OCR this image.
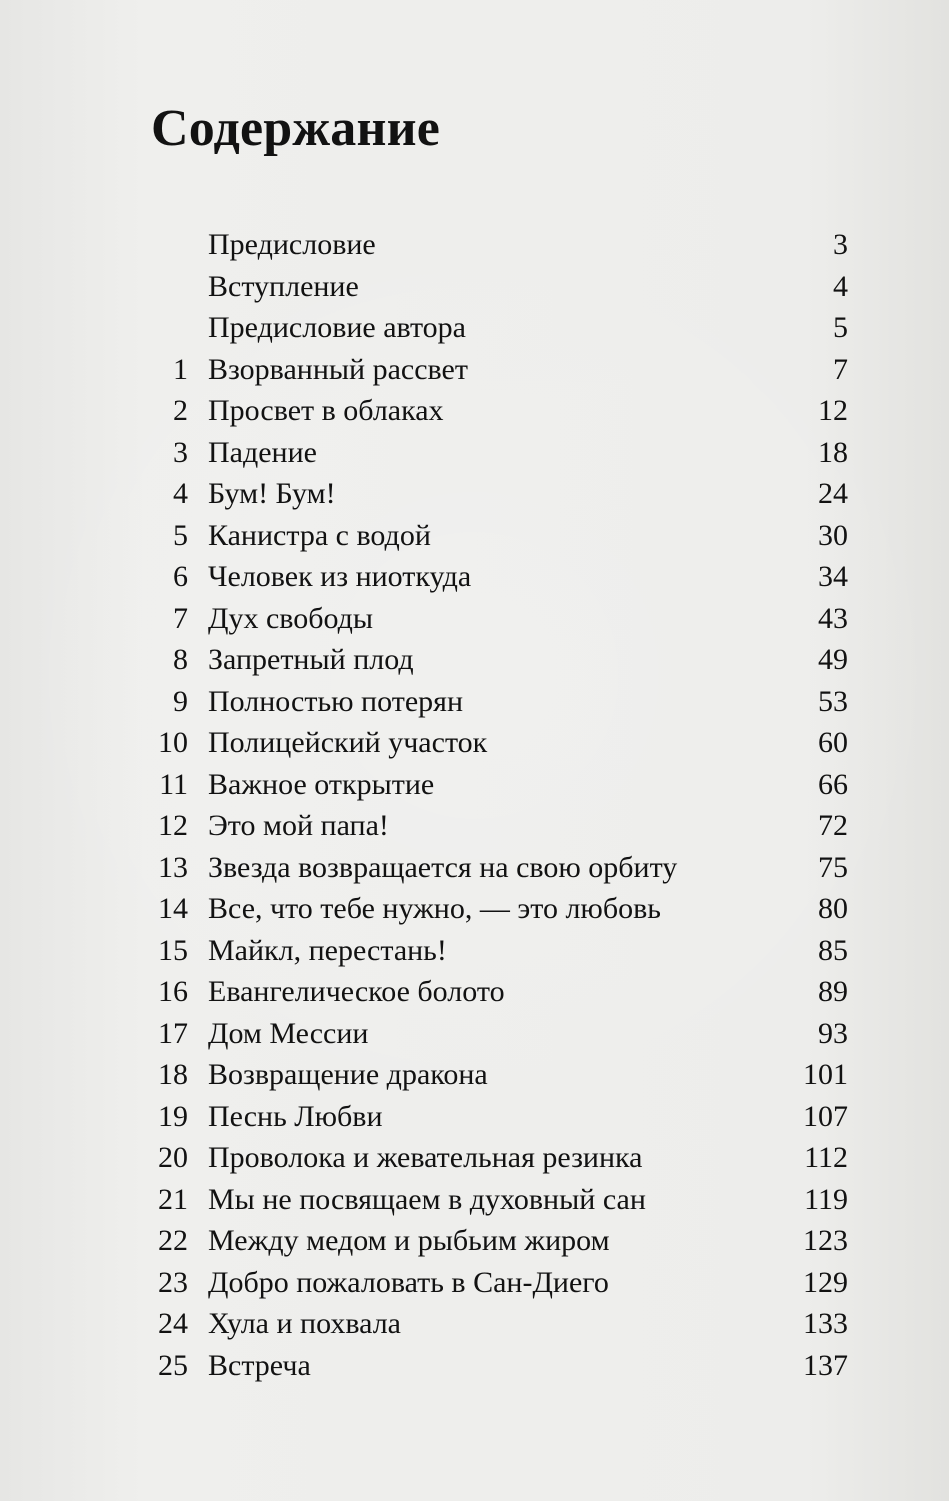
Содержание
Предисловие	3
Вступление	4
Предисловие автора	5
1 Взорванный рассвет	7
2 Просвет в облаках	12
3 Падение	18
4 Бум! Бум!	24
5 Канистра с водой	30
6 Человек из ниоткуда	34
7 Дух свободы	43
8 Запретный плод	49
9 Полностью потерян	53
10 Полицейский участок	60
11 Важное открытие	66
12 Это мой папа!	72
13 Звезда возвращается на свою орбиту	75
14 Все, что тебе нужно, — это любовь	80
15 Майкл, перестань!	85
16 Евангелическое болото	89
17 Дом Мессии	93
18 Возвращение дракона	101
19 Песнь Любви	107
20 Проволока и жевательная резинка	112
21 Мы не посвящаем в духовный сан	119
22 Между медом и рыбьим жиром	123
23 Добро пожаловать в Сан-Диего	129
24 Хула и похвала	133
25 Встреча	137
